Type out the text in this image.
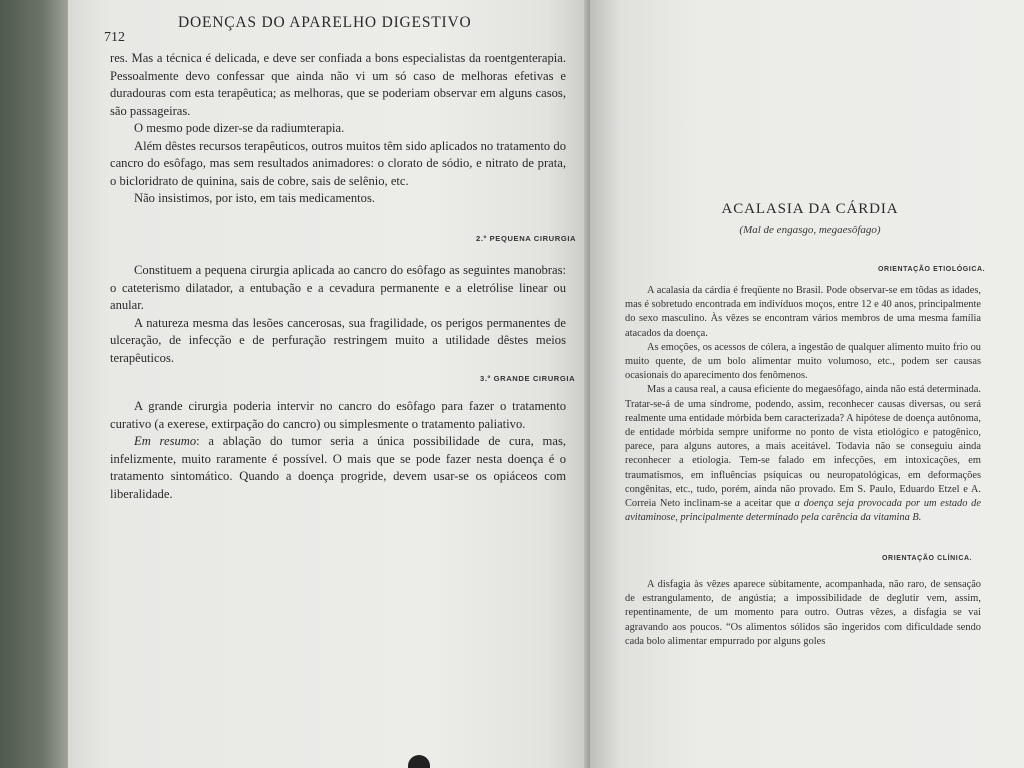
712
DOENÇAS DO APARELHO DIGESTIVO

res. Mas a técnica é delicada, e deve ser confiada a bons especialistas da roentgenterapia. Pessoalmente devo confessar que ainda não vi um só caso de melhoras efetivas e duradouras com esta terapêutica; as melhoras, que se poderiam observar em alguns casos, são passageiras.

O mesmo pode dizer-se da radiumterapia.

Além dêstes recursos terapêuticos, outros muitos têm sido aplicados no tratamento do cancro do esôfago, mas sem resultados animadores: o clorato de sódio, e nitrato de prata, o bicloridrato de quinina, sais de cobre, sais de selênio, etc.

Não insistimos, por isto, em tais medicamentos.

2.º PEQUENA CIRURGIA

Constituem a pequena cirurgia aplicada ao cancro do esôfago as seguintes manobras: o cateterismo dilatador, a entubação e a cevadura permanente e a eletrólise linear ou anular.

A natureza mesma das lesões cancerosas, sua fragilidade, os perigos permanentes de ulceração, de infecção e de perfuração restringem muito a utilidade dêstes meios terapêuticos.

3.º GRANDE CIRURGIA

A grande cirurgia poderia intervir no cancro do esôfago para fazer o tratamento curativo (a exerese, extirpação do cancro) ou simplesmente o tratamento paliativo.

Em resumo: a ablação do tumor seria a única possibilidade de cura, mas, infelizmente, muito raramente é possível. O mais que se pode fazer nesta doença é o tratamento sintomático. Quando a doença progride, devem usar-se os opiáceos com liberalidade.

ACALASIA DA CÁRDIA
(Mal de engasgo, megaesôfago)
ORIENTAÇÃO ETIOLÓGICA.

A acalasia da cárdia é freqüente no Brasil. Pode observar-se em tôdas as idades, mas é sobretudo encontrada em indivíduos moços, entre 12 e 40 anos, principalmente do sexo masculino. Às vêzes se encontram vários membros de uma mesma família atacados da doença.

As emoções, os acessos de cólera, a ingestão de qualquer alimento muito frio ou muito quente, de um bolo alimentar muito volumoso, etc., podem ser causas ocasionais do aparecimento dos fenômenos.

Mas a causa real, a causa eficiente do megaesôfago, ainda não está determinada. Tratar-se-á de uma síndrome, podendo, assim, reconhecer causas diversas, ou será realmente uma entidade mórbida bem caracterizada? A hipótese de doença autônoma, de entidade mórbida sempre uniforme no ponto de vista etiológico e patogênico, parece, para alguns autores, a mais aceitável. Todavia não se conseguiu ainda reconhecer a etiologia. Tem-se falado em infecções, em intoxicações, em traumatismos, em influências psíquicas ou neuropatológicas, em deformações congênitas, etc., tudo, porém, ainda não provado. Em S. Paulo, Eduardo Etzel e A. Correia Neto inclinam-se a aceitar que a doença seja provocada por um estado de avitaminose, principalmente determinado pela carência da vitamina B.

ORIENTAÇÃO CLÍNICA.

A disfagia às vêzes aparece sùbitamente, acompanhada, não raro, de sensação de estrangulamento, de angústia; a impossibilidade de deglutir vem, assim, repentinamente, de um momento para outro. Outras vêzes, a disfagia se vai agravando aos poucos. “Os alimentos sólidos são ingeridos com dificuldade sendo cada bolo alimentar empurrado por alguns goles
